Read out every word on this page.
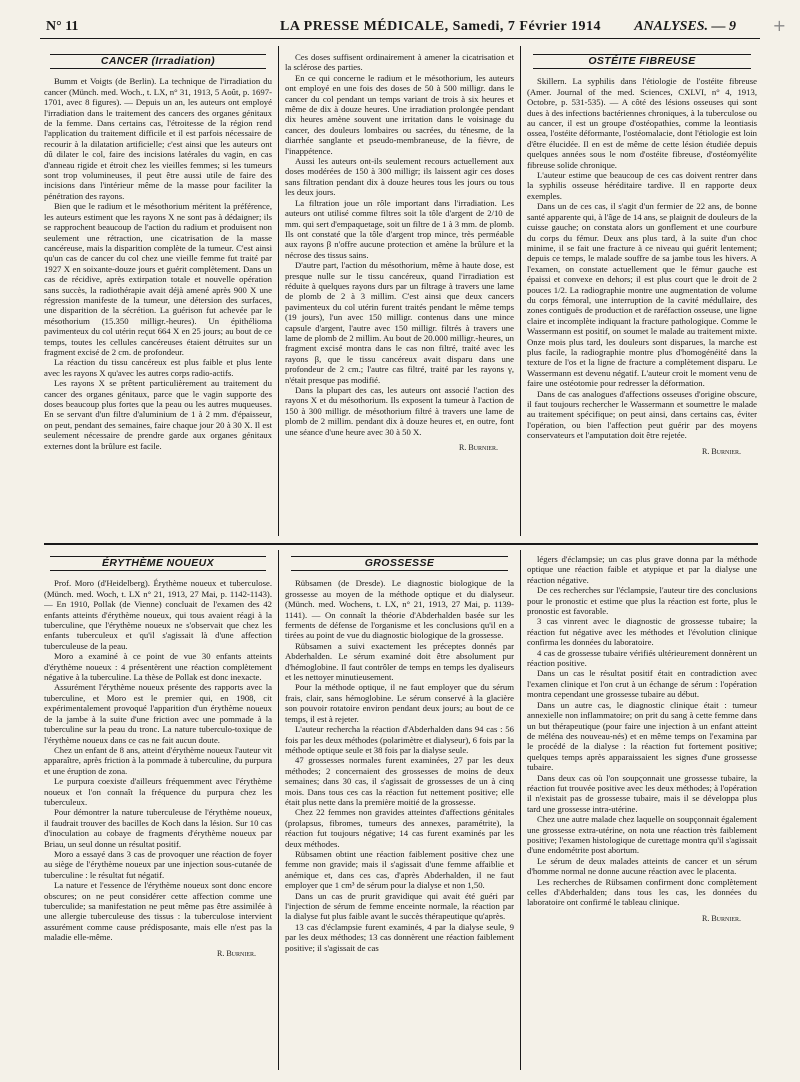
N° 11	LA PRESSE MÉDICALE, Samedi, 7 Février 1914 ANALYSES. — 9 +
CANCER (Irradiation)

Bumm et Voigts (de Berlin). La technique de l'irradiation du cancer (Münch. med. Woch., t. LX, n° 31, 1913, 5 Août, p. 1697-1701, avec 8 figures). — Depuis un an, les auteurs ont employé l'irradiation dans le traitement des cancers des organes génitaux de la femme. Dans certains cas, l'étroitesse de la région rend l'application du traitement difficile et il est parfois nécessaire de recourir à la dilatation artificielle; c'est ainsi que les auteurs ont dû dilater le col, faire des incisions latérales du vagin, en cas d'anneau rigide et étroit chez les vieilles femmes; si les tumeurs sont trop volumineuses, il peut être aussi utile de faire des incisions dans l'intérieur même de la masse pour faciliter la pénétration des rayons.

Bien que le radium et le mésothorium méritent la préférence, les auteurs estiment que les rayons X ne sont pas à dédaigner; ils se rapprochent beaucoup de l'action du radium et produisent non seulement une rétraction, une cicatrisation de la masse cancéreuse, mais la disparition complète de la tumeur. C'est ainsi qu'un cas de cancer du col chez une vieille femme fut traité par 1927 X en soixante-douze jours et guérit complètement. Dans un cas de récidive, après extirpation totale et nouvelle opération sans succès, la radiothérapie avait déjà amené après 900 X une régression manifeste de la tumeur, une détersion des surfaces, une disparition de la sécrétion. La guérison fut achevée par le mésothorium (15.350 milligr.-heures). Un épithélioma pavimenteux du col utérin reçut 664 X en 25 jours; au bout de ce temps, toutes les cellules cancéreuses étaient détruites sur un fragment excisé de 2 cm. de profondeur.

La réaction du tissu cancéreux est plus faible et plus lente avec les rayons X qu'avec les autres corps radio-actifs.

Les rayons X se prêtent particulièrement au traitement du cancer des organes génitaux, parce que le vagin supporte des doses beaucoup plus fortes que la peau ou les autres muqueuses. En se servant d'un filtre d'aluminium de 1 à 2 mm. d'épaisseur, on peut, pendant des semaines, faire chaque jour 20 à 30 X. Il est seulement nécessaire de prendre garde aux organes génitaux externes dont la brûlure est facile.

Ces doses suffisent ordinairement à amener la cicatrisation et la sclérose des parties.

En ce qui concerne le radium et le mésothorium, les auteurs ont employé en une fois des doses de 50 à 500 milligr. dans le cancer du col pendant un temps variant de trois à six heures et même de dix à douze heures. Une irradiation prolongée pendant dix heures amène souvent une irritation dans le voisinage du cancer, des douleurs lombaires ou sacrées, du ténesme, de la diarrhée sanglante et pseudo-membraneuse, de la fièvre, de l'inappétence.

Aussi les auteurs ont-ils seulement recours actuellement aux doses modérées de 150 à 300 milligr; ils laissent agir ces doses sans filtration pendant dix à douze heures tous les jours ou tous les deux jours.

La filtration joue un rôle important dans l'irradiation. Les auteurs ont utilisé comme filtres soit la tôle d'argent de 2/10 de mm. qui sert d'empaquetage, soit un filtre de 1 à 3 mm. de plomb. Ils ont constaté que la tôle d'argent trop mince, très perméable aux rayons β n'offre aucune protection et amène la brûlure et la nécrose des tissus sains.

D'autre part, l'action du mésothorium, même à haute dose, est presque nulle sur le tissu cancéreux, quand l'irradiation est réduite à quelques rayons durs par un filtrage à travers une lame de plomb de 2 à 3 millim. C'est ainsi que deux cancers pavimenteux du col utérin furent traités pendant le même temps (19 jours), l'un avec 150 milligr. contenus dans une mince capsule d'argent, l'autre avec 150 milligr. filtrés à travers une lame de plomb de 2 millim. Au bout de 20.000 milligr.-heures, un fragment excisé montra dans le cas non filtré, traité avec les rayons β, que le tissu cancéreux avait disparu dans une profondeur de 2 cm.; l'autre cas filtré, traité par les rayons γ, n'était presque pas modifié.

Dans la plupart des cas, les auteurs ont associé l'action des rayons X et du mésothorium. Ils exposent la tumeur à l'action de 150 à 300 milligr. de mésothorium filtré à travers une lame de plomb de 2 millim. pendant dix à douze heures et, en outre, font une séance d'une heure avec 30 à 50 X.

R. Burnier.
OSTÉITE FIBREUSE

Skillern. La syphilis dans l'étiologie de l'ostéite fibreuse (Amer. Journal of the med. Sciences, CXLVI, n° 4, 1913, Octobre, p. 531-535). — A côté des lésions osseuses qui sont dues à des infections bactériennes chroniques, à la tuberculose ou au cancer, il est un groupe d'ostéopathies, comme la leontiasis ossea, l'ostéite déformante, l'ostéomalacie, dont l'étiologie est loin d'être élucidée. Il en est de même de cette lésion étudiée depuis quelques années sous le nom d'ostéite fibreuse, d'ostéomyélite fibreuse solide chronique.

L'auteur estime que beaucoup de ces cas doivent rentrer dans la syphilis osseuse héréditaire tardive. Il en rapporte deux exemples.

Dans un de ces cas, il s'agit d'un fermier de 22 ans, de bonne santé apparente qui, à l'âge de 14 ans, se plaignit de douleurs de la cuisse gauche; on constata alors un gonflement et une courbure du corps du fémur. Deux ans plus tard, à la suite d'un choc minime, il se fait une fracture à ce niveau qui guérit lentement; depuis ce temps, le malade souffre de sa jambe tous les hivers. A l'examen, on constate actuellement que le fémur gauche est épaissi et convexe en dehors; il est plus court que le droit de 2 pouces 1/2. La radiographie montre une augmentation de volume du corps fémoral, une interruption de la cavité médullaire, des zones contiguës de production et de raréfaction osseuse, une ligne claire et incomplète indiquant la fracture pathologique. Comme le Wassermann est positif, on soumet le malade au traitement mixte. Onze mois plus tard, les douleurs sont disparues, la marche est plus facile, la radiographie montre plus d'homogénéité dans la texture de l'os et la ligne de fracture a complètement disparu. Le Wassermann est devenu négatif. L'auteur croit le moment venu de faire une ostéotomie pour redresser la déformation.

Dans de cas analogues d'affections osseuses d'origine obscure, il faut toujours rechercher le Wassermann et soumettre le malade au traitement spécifique; on peut ainsi, dans certains cas, éviter l'opération, ou bien l'affection peut guérir par des moyens conservateurs et l'amputation doit être rejetée.

R. Burnier.
ÉRYTHÈME NOUEUX

Prof. Moro (d'Heidelberg). Érythème noueux et tuberculose. (Münch. med. Woch, t. LX n° 21, 1913, 27 Mai, p. 1142-1143). — En 1910, Pollak (de Vienne) concluait de l'examen des 42 enfants atteints d'érythème noueux, qui tous avaient réagi à la tuberculine, que l'érythème noueux ne s'observait que chez les enfants tuberculeux et qu'il s'agissait là d'une affection tuberculeuse de la peau.

Moro a examiné à ce point de vue 30 enfants atteints d'érythème noueux : 4 présentèrent une réaction complètement négative à la tuberculine. La thèse de Pollak est donc inexacte.

Assurément l'érythème noueux présente des rapports avec la tuberculine, et Moro est le premier qui, en 1908, cit expérimentalement provoqué l'apparition d'un érythème noueux de la jambe à la suite d'une friction avec une pommade à la tuberculine sur la peau du tronc. La nature tuberculo-toxique de l'érythème noueux dans ce cas ne fait aucun doute.

Chez un enfant de 8 ans, atteint d'érythème noueux l'auteur vit apparaître, après friction à la pommade à tuberculine, du purpura et une éruption de zona.

Le purpura coexiste d'ailleurs fréquemment avec l'érythème noueux et l'on connaît la fréquence du purpura chez les tuberculeux.

Pour démontrer la nature tuberculeuse de l'érythème noueux, il faudrait trouver des bacilles de Koch dans la lésion. Sur 10 cas d'inoculation au cobaye de fragments d'érythème noueux par Briau, un seul donne un résultat positif.

Moro a essayé dans 3 cas de provoquer une réaction de foyer au siège de l'érythème noueux par une injection sous-cutanée de tuberculine : le résultat fut négatif.

La nature et l'essence de l'érythème noueux sont donc encore obscures; on ne peut considérer cette affection comme une tuberculide; sa manifestation ne peut même pas être assimilée à une allergie tuberculeuse des tissus : la tuberculose intervient assurément comme cause prédisposante, mais elle n'est pas la maladie elle-même.

R. Burnier.
GROSSESSE

Rübsamen (de Dresde). Le diagnostic biologique de la grossesse au moyen de la méthode optique et du dialyseur. (Münch. med. Wochens, t. LX, n° 21, 1913, 27 Mai, p. 1139-1141). — On connaît la théorie d'Abderhalden basée sur les ferments de défense de l'organisme et les conclusions qu'il en a tirées au point de vue du diagnostic biologique de la grossesse.

Rübsamen a suivi exactement les préceptes donnés par Abderhalden. Le sérum examiné doit être absolument pur d'hémoglobine. Il faut contrôler de temps en temps les dyaliseurs et les nettoyer minutieusement.

Pour la méthode optique, il ne faut employer que du sérum frais, clair, sans hémoglobine. Le sérum conservé à la glacière son pouvoir rotatoire environ pendant deux jours; au bout de ce temps, il est à rejeter.

L'auteur rechercha la réaction d'Abderhalden dans 94 cas : 56 fois par les deux méthodes (polarimètre et dialyseur), 6 fois par la méthode optique seule et 38 fois par la dialyse seule.

47 grossesses normales furent examinées, 27 par les deux méthodes; 2 concernaient des grossesses de moins de deux semaines; dans 30 cas, il s'agissait de grossesses de un à cinq mois. Dans tous ces cas la réaction fut nettement positive; elle était plus nette dans la première moitié de la grossesse.

Chez 22 femmes non gravides atteintes d'affections génitales (prolapsus, fibromes, tumeurs des annexes, paramétrite), la réaction fut toujours négative; 14 cas furent examinés par les deux méthodes.

Rübsamen obtint une réaction faiblement positive chez une femme non gravide; mais il s'agissait d'une femme affaiblie et anémique et, dans ces cas, d'après Abderhalden, il ne faut employer que 1 cm³ de sérum pour la dialyse et non 1,50.

Dans un cas de prurit gravidique qui avait été guéri par l'injection de sérum de femme enceinte normale, la réaction par la dialyse fut plus faible avant le succès thérapeutique qu'après.

13 cas d'éclampsie furent examinés, 4 par la dialyse seule, 9 par les deux méthodes; 13 cas donnèrent une réaction faiblement positive; il s'agissait de cas

légers d'éclampsie; un cas plus grave donna par la méthode optique une réaction faible et atypique et par la dialyse une réaction négative.

De ces recherches sur l'éclampsie, l'auteur tire des conclusions pour le pronostic et estime que plus la réaction est forte, plus le pronostic est favorable.

3 cas vinrent avec le diagnostic de grossesse tubaire; la réaction fut négative avec les méthodes et l'évolution clinique confirma les données du laboratoire.

4 cas de grossesse tubaire vérifiés ultérieurement donnèrent un réaction positive.

Dans un cas le résultat positif était en contradiction avec l'examen clinique et l'on crut à un échange de sérum : l'opération montra cependant une grossesse tubaire au début.

Dans un autre cas, le diagnostic clinique était : tumeur annexielle non inflammatoire; on prit du sang à cette femme dans un but thérapeutique (pour faire une injection à un enfant atteint de méléna des nouveau-nés) et en même temps on l'examina par le procédé de la dialyse : la réaction fut fortement positive; quelques temps après apparaissaient les signes d'une grossesse tubaire.

Dans deux cas où l'on soupçonnait une grossesse tubaire, la réaction fut trouvée positive avec les deux méthodes; à l'opération il n'existait pas de grossesse tubaire, mais il se développa plus tard une grossesse intra-utérine.

Chez une autre malade chez laquelle on soupçonnait également une grossesse extra-utérine, on nota une réaction très faiblement positive; l'examen histologique de curettage montra qu'il s'agissait d'une endométrite post abortum.

Le sérum de deux malades atteints de cancer et un sérum d'homme normal ne donne aucune réaction avec le placenta.

Les recherches de Rübsamen confirment donc complètement celles d'Abderhalden; dans tous les cas, les données du laboratoire ont confirmé le tableau clinique.

R. Burnier.
